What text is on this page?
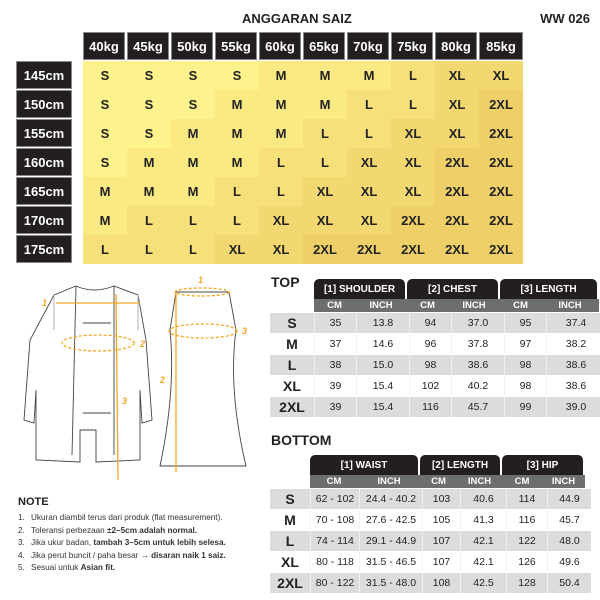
ANGGARAN SAIZ	WW 026
40kg	45kg	50kg	55kg	60kg	65kg	70kg	75kg	80kg	85kg
145cm	S	S	S	S	M	M	M	L	XL	XL
150cm	S	S	S	M	M	M	L	L	XL	2XL
155cm	S	S	M	M	M	L	L	XL	XL	2XL
160cm	S	M	M	M	L	L	XL	XL	2XL	2XL
165cm	M	M	M	L	L	XL	XL	XL	2XL	2XL
170cm	M	L	L	L	XL	XL	XL	2XL	2XL	2XL
175cm	L	L	L	XL	XL	2XL	2XL	2XL	2XL	2XL
1
2
3
1
2
3
NOTE
1. Ukuran diambil terus dari produk (flat measurement).
2. Toleransi perbezaan ±2–5cm adalah normal.
3. Jika ukur badan, tambah 3–5cm untuk lebih selesa.
4. Jika perut buncit / paha besar → disaran naik 1 saiz.
5. Sesuai untuk Asian fit.
TOP	[1] SHOULDER	[2] CHEST	[3] LENGTH
CM	INCH	CM	INCH	CM	INCH
S	35	13.8	94	37.0	95	37.4
M	37	14.6	96	37.8	97	38.2
L	38	15.0	98	38.6	98	38.6
XL	39	15.4	102	40.2	98	38.6
2XL	39	15.4	116	45.7	99	39.0
BOTTOM
[1] WAIST	[2] LENGTH	[3] HIP
CM	INCH	CM	INCH	CM	INCH
S	62 - 102	24.4 - 40.2	103	40.6	114	44.9
M	70 - 108	27.6 - 42.5	105	41.3	116	45.7
L	74 - 114	29.1 - 44.9	107	42.1	122	48.0
XL	80 - 118	31.5 - 46.5	107	42.1	126	49.6
2XL	80 - 122	31.5 - 48.0	108	42.5	128	50.4
